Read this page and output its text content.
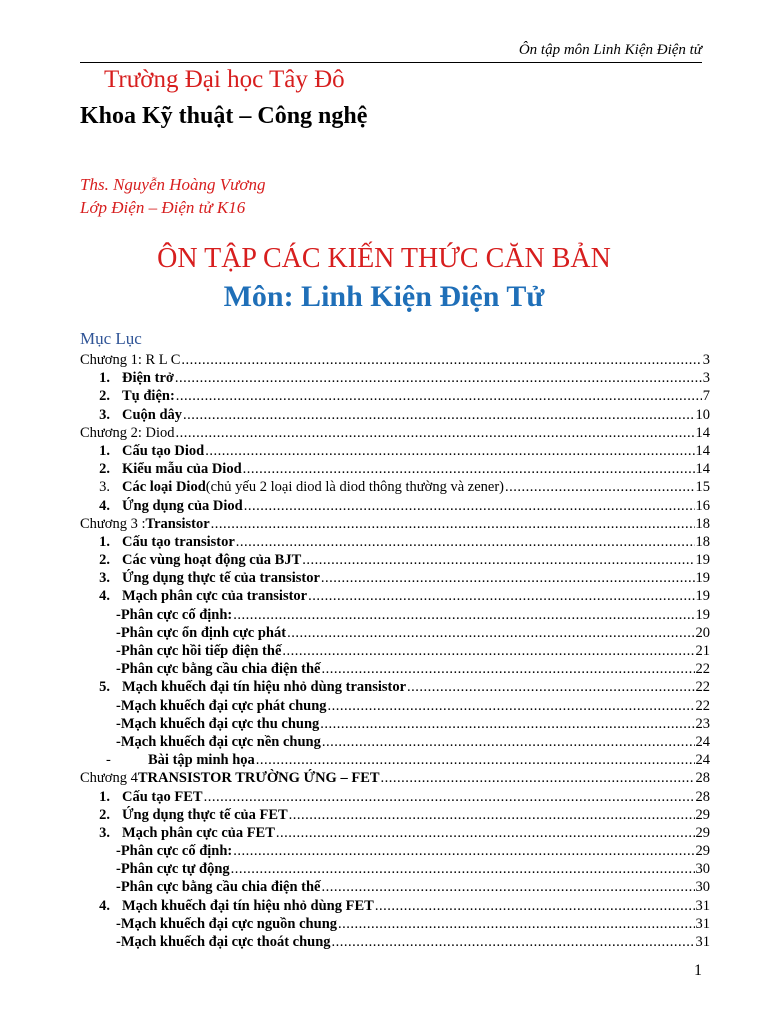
Ôn tập môn Linh Kiện Điện tử
Trường Đại học Tây Đô
Khoa Kỹ thuật – Công nghệ
Ths. Nguyễn Hoàng Vương
Lớp Điện – Điện tử K16
ÔN TẬP CÁC KIẾN THỨC CĂN BẢN
Môn: Linh Kiện Điện Tử
Mục Lục
Chương 1: R L C .....	3
1. Điện trở .....	3
2. Tụ điện: .....	7
3. Cuộn dây .....	10
Chương 2: Diod .....	14
1. Cấu tạo Diod .....	14
2. Kiểu mẫu của Diod .....	14
3. Các loại Diod (chủ yếu 2 loại diod là diod thông thường và zener) .....	15
4. Ứng dụng của Diod .....	16
Chương 3 : Transistor .....	18
1. Cấu tạo transistor .....	18
2. Các vùng hoạt động của BJT .....	19
3. Ứng dụng thực tế của transistor .....	19
4. Mạch phân cực của transistor .....	19
-Phân cực cố định: .....	19
-Phân cực ổn định cực phát .....	20
-Phân cực hồi tiếp điện thế .....	21
-Phân cực bằng cầu chia điện thế .....	22
5. Mạch khuếch đại tín hiệu nhỏ dùng transistor .....	22
-Mạch khuếch đại cực phát chung .....	22
-Mạch khuếch đại cực thu chung .....	23
-Mạch khuếch đại cực nền chung .....	24
-	Bài tập minh họa .....	24
Chương 4 TRANSISTOR TRƯỜNG ỨNG – FET .....	28
1. Cấu tạo FET .....	28
2. Ứng dụng thực tế của FET .....	29
3. Mạch phân cực của FET .....	29
-Phân cực cố định: .....	29
-Phân cực tự động .....	30
-Phân cực bằng cầu chia điện thế .....	30
4. Mạch khuếch đại tín hiệu nhỏ dùng FET .....	31
-Mạch khuếch đại cực nguồn chung .....	31
-Mạch khuếch đại cực thoát chung .....	31
1
